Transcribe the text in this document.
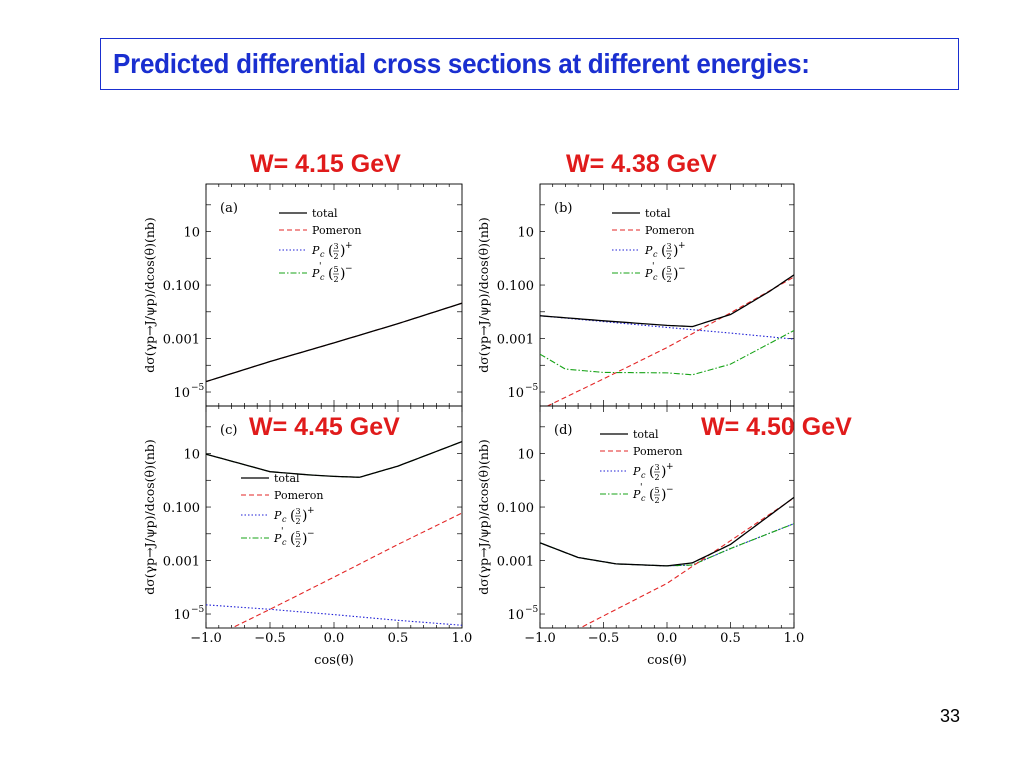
Predicted differential cross sections at different energies:
W= 4.15 GeV	W= 4.38 GeV
10
0.100
0.001
10 −5
dσ(γp→J/ψp)/dcos(θ)(nb)
(a)	total
Pomeron
P c ( 3
2 ) +
P '
c ( 5
2 ) −
10
0.100
0.001
10 −5
dσ(γp→J/ψp)/dcos(θ)(nb)
(b)	total
Pomeron
P c ( 3
2 ) +
P '
c ( 5
2 ) −
−1.0 −0.5	0.0	0.5	1.0
cos(θ)
10
0.100
0.001
10 −5
dσ(γp→J/ψp)/dcos(θ)(nb)
(c)
total
Pomeron
P c ( 3
2 ) +
P '
c ( 5
2 ) −
−1.0 −0.5	0.0	0.5	1.0
cos(θ)
10
0.100
0.001
10 −5
dσ(γp→J/ψp)/dcos(θ)(nb)
(d)	total
Pomeron
P c ( 3
2 ) +
P '
c ( 5
2 ) −
W= 4.45 GeV	W= 4.50 GeV
33
